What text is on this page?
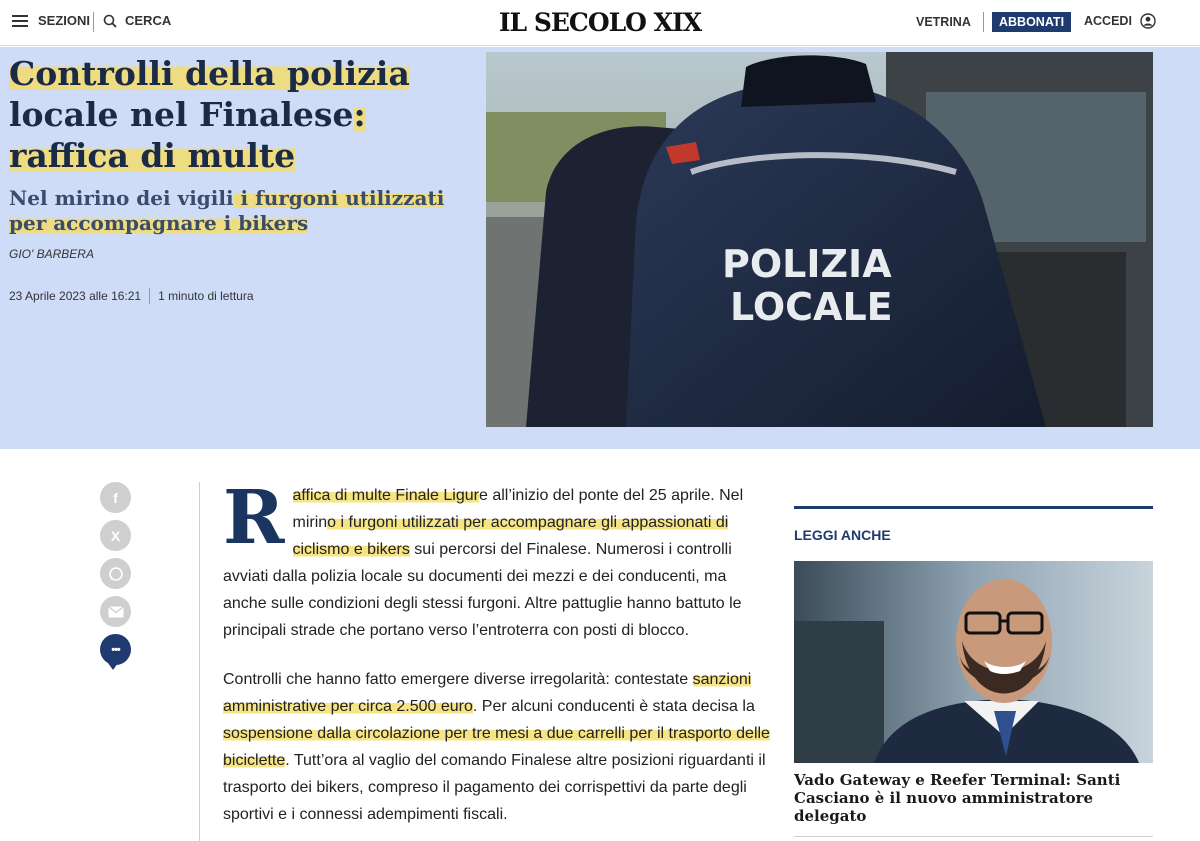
SEZIONI	CERCA	IL SECOLO XIX	VETRINA	ABBONATI	ACCEDI
Controlli della polizia locale nel Finalese: raffica di multe
Nel mirino dei vigili i furgoni utilizzati per accompagnare i bikers
GIO' BARBERA
23 Aprile 2023 alle 16:21 1 minuto di lettura
POLIZIA
LOCALE
f
X
•••

Raffica di multe Finale Ligure all’inizio del ponte del 25 aprile. Nel mirino i furgoni utilizzati per accompagnare gli appassionati di ciclismo e bikers sui percorsi del Finalese. Numerosi i controlli avviati dalla polizia locale su documenti dei mezzi e dei conducenti, ma anche sulle condizioni degli stessi furgoni. Altre pattuglie hanno battuto le principali strade che portano verso l’entroterra con posti di blocco.

Controlli che hanno fatto emergere diverse irregolarità: contestate sanzioni amministrative per circa 2.500 euro. Per alcuni conducenti è stata decisa la sospensione dalla circolazione per tre mesi a due carrelli per il trasporto delle biciclette. Tutt’ora al vaglio del comando Finalese altre posizioni riguardanti il trasporto dei bikers, compreso il pagamento dei corrispettivi da parte degli sportivi e i connessi adempimenti fiscali.

LEGGI ANCHE
Vado Gateway e Reefer Terminal: Santi Casciano è il nuovo amministratore delegato
